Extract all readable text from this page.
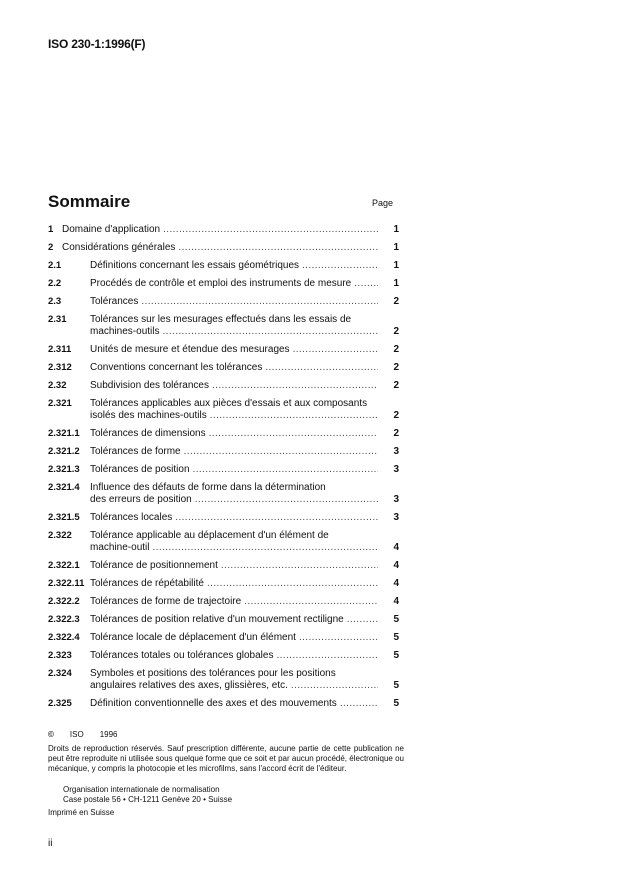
ISO 230-1:1996(F)
Sommaire	Page
1 Domaine d'application .....	1
2 Considérations générales .....	1
2.1	Définitions concernant les essais géométriques .....	1
2.2	Procédés de contrôle et emploi des instruments de mesure .....	1
2.3	Tolérances .....	2
2.31	Tolérances sur les mesurages effectués dans les essais de
machines-outils .....	2
2.311	Unités de mesure et étendue des mesurages .....	2
2.312	Conventions concernant les tolérances .....	2
2.32	Subdivision des tolérances .....	2
2.321	Tolérances applicables aux pièces d'essais et aux composants
isolés des machines-outils .....	2
2.321.1	Tolérances de dimensions .....	2
2.321.2	Tolérances de forme .....	3
2.321.3	Tolérances de position .....	3
2.321.4	Influence des défauts de forme dans la détermination
des erreurs de position .....	3
2.321.5	Tolérances locales .....	3
2.322	Tolérance applicable au déplacement d'un élément de
machine-outil .....	4
2.322.1	Tolérance de positionnement .....	4
2.322.11 Tolérances de répétabilité .....	4
2.322.2	Tolérances de forme de trajectoire .....	4
2.322.3	Tolérances de position relative d'un mouvement rectiligne .....	5
2.322.4	Tolérance locale de déplacement d'un élément .....	5
2.323	Tolérances totales ou tolérances globales .....	5
2.324	Symboles et positions des tolérances pour les positions
angulaires relatives des axes, glissières, etc. .....	5
2.325	Définition conventionnelle des axes et des mouvements .....	5
© ISO 1996
Droits de reproduction réservés. Sauf prescription différente, aucune partie de cette publication ne peut être reproduite ni utilisée sous quelque forme que ce soit et par aucun procédé, électronique ou mécanique, y compris la photocopie et les microfilms, sans l'accord écrit de l'éditeur.
Organisation internationale de normalisation
Case postale 56 • CH-1211 Genève 20 • Suisse
Imprimé en Suisse
ii
